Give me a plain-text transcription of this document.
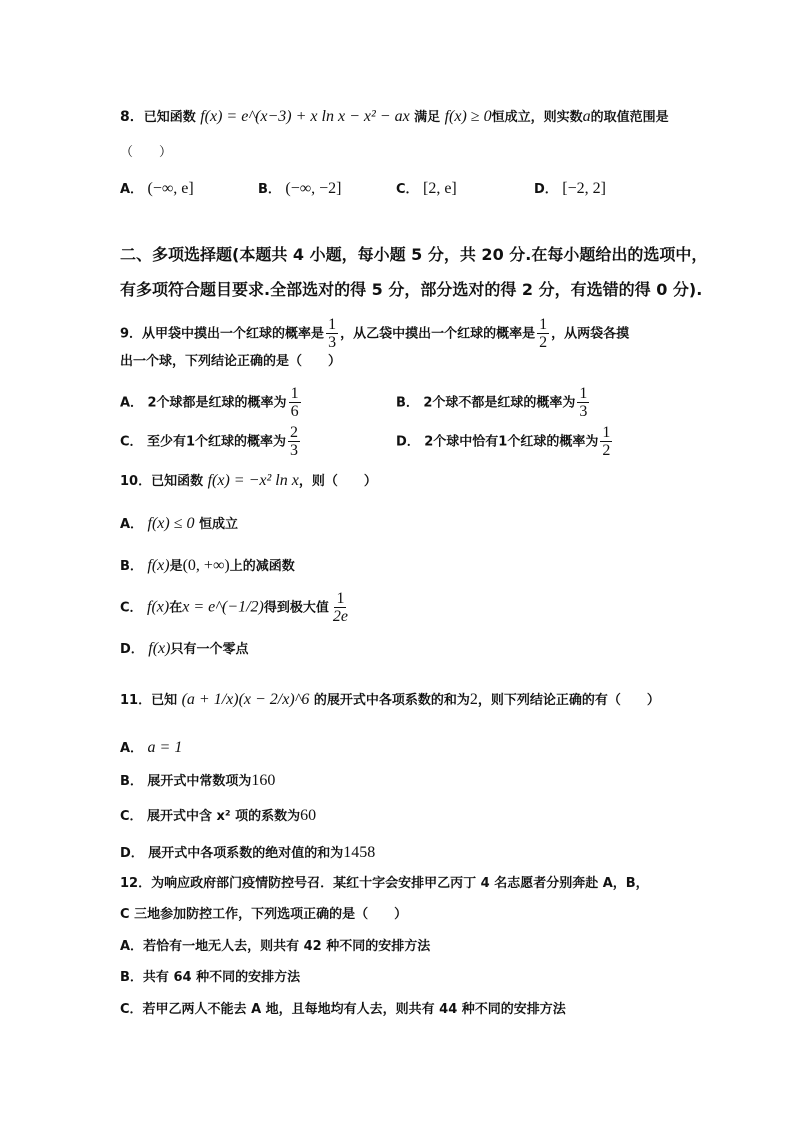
8．已知函数 f(x) = e^(x−3) + x ln x − x² − ax 满足 f(x) ≥ 0恒成立，则实数a的取值范围是
（　　）
A． (−∞, e]	B． (−∞, −2]	C． [2, e]	D． [−2, 2]
二、多项选择题(本题共 4 小题，每小题 5 分，共 20 分.在每小题给出的选项中，
有多项符合题目要求.全部选对的得 5 分，部分选对的得 2 分，有选错的得 0 分).
9．从甲袋中摸出一个红球的概率是 $\frac{1}{3}$ ，从乙袋中摸出一个红球的概率是 $\frac{1}{2}$ ，从两袋各摸
出一个球，下列结论正确的是（　　）
A． 2个球都是红球的概率为 $\frac{1}{6}$	B． 2个球不都是红球的概率为 $\frac{1}{3}$
C． 至少有1个红球的概率为 $\frac{2}{3}$	D． 2个球中恰有1个红球的概率为 $\frac{1}{2}$
10．已知函数 f(x) = −x² ln x，则（　　）
A． f(x) ≤ 0 恒成立
B． f(x)是(0, +∞)上的减函数
C． f(x)在x = e^(−1/2)得到极大值 $\frac{1}{2e}$
D． f(x)只有一个零点
11．已知 (a + 1/x)(x − 2/x)^6 的展开式中各项系数的和为2，则下列结论正确的有（　　）
A． a = 1
B． 展开式中常数项为160
C． 展开式中含 x² 项的系数为60
D． 展开式中各项系数的绝对值的和为1458
12．为响应政府部门疫情防控号召．某红十字会安排甲乙丙丁 4 名志愿者分别奔赴 A，B，
C 三地参加防控工作，下列选项正确的是（　　）
A．若恰有一地无人去，则共有 42 种不同的安排方法
B．共有 64 种不同的安排方法
C．若甲乙两人不能去 A 地，且每地均有人去，则共有 44 种不同的安排方法
